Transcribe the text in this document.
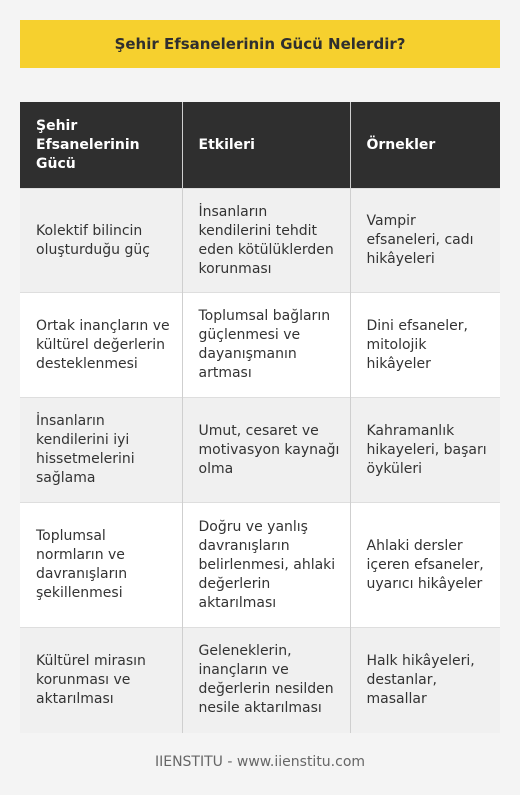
Şehir Efsanelerinin Gücü Nelerdir?
Şehir Efsanelerinin Gücü	Etkileri	Örnekler
Kolektif bilincin oluşturduğu güç	İnsanların kendilerini tehdit eden kötülüklerden korunması	Vampir efsaneleri, cadı hikâyeleri
Ortak inançların ve kültürel değerlerin desteklenmesi	Toplumsal bağların güçlenmesi ve dayanışmanın artması	Dini efsaneler, mitolojik hikâyeler
İnsanların kendilerini iyi hissetmelerini sağlama	Umut, cesaret ve motivasyon kaynağı olma	Kahramanlık hikayeleri, başarı öyküleri
Toplumsal normların ve davranışların şekillenmesi	Doğru ve yanlış davranışların belirlenmesi, ahlaki değerlerin aktarılması	Ahlaki dersler içeren efsaneler, uyarıcı hikâyeler
Kültürel mirasın korunması ve aktarılması	Geleneklerin, inançların ve değerlerin nesilden nesile aktarılması	Halk hikâyeleri, destanlar, masallar
IIENSTITU - www.iienstitu.com
